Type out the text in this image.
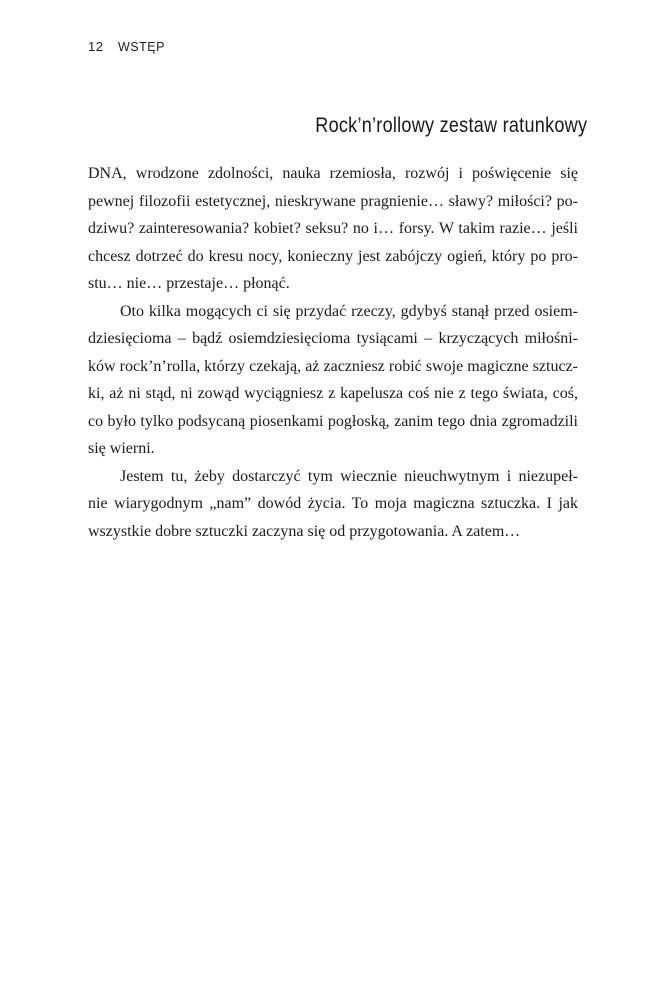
12 WSTĘP
Rock’n’rollowy zestaw ratunkowy
DNA, wrodzone zdolności, nauka rzemiosła, rozwój i poświęcenie się
pewnej filozofii estetycznej, nieskrywane pragnienie… sławy? miłości? po-
dziwu? zainteresowania? kobiet? seksu? no i… forsy. W takim razie… jeśli
chcesz dotrzeć do kresu nocy, konieczny jest zabójczy ogień, który po pro-
stu… nie… przestaje… płonąć.
Oto kilka mogących ci się przydać rzeczy, gdybyś stanął przed osiem-
dziesięcioma – bądź osiemdziesięcioma tysiącami – krzyczących miłośni-
ków rock’n’rolla, którzy czekają, aż zaczniesz robić swoje magiczne sztucz-
ki, aż ni stąd, ni zowąd wyciągniesz z kapelusza coś nie z tego świata, coś,
co było tylko podsycaną piosenkami pogłoską, zanim tego dnia zgromadzili
się wierni.
Jestem tu, żeby dostarczyć tym wiecznie nieuchwytnym i niezupeł-
nie wiarygodnym „nam” dowód życia. To moja magiczna sztuczka. I jak
wszystkie dobre sztuczki zaczyna się od przygotowania. A zatem…
